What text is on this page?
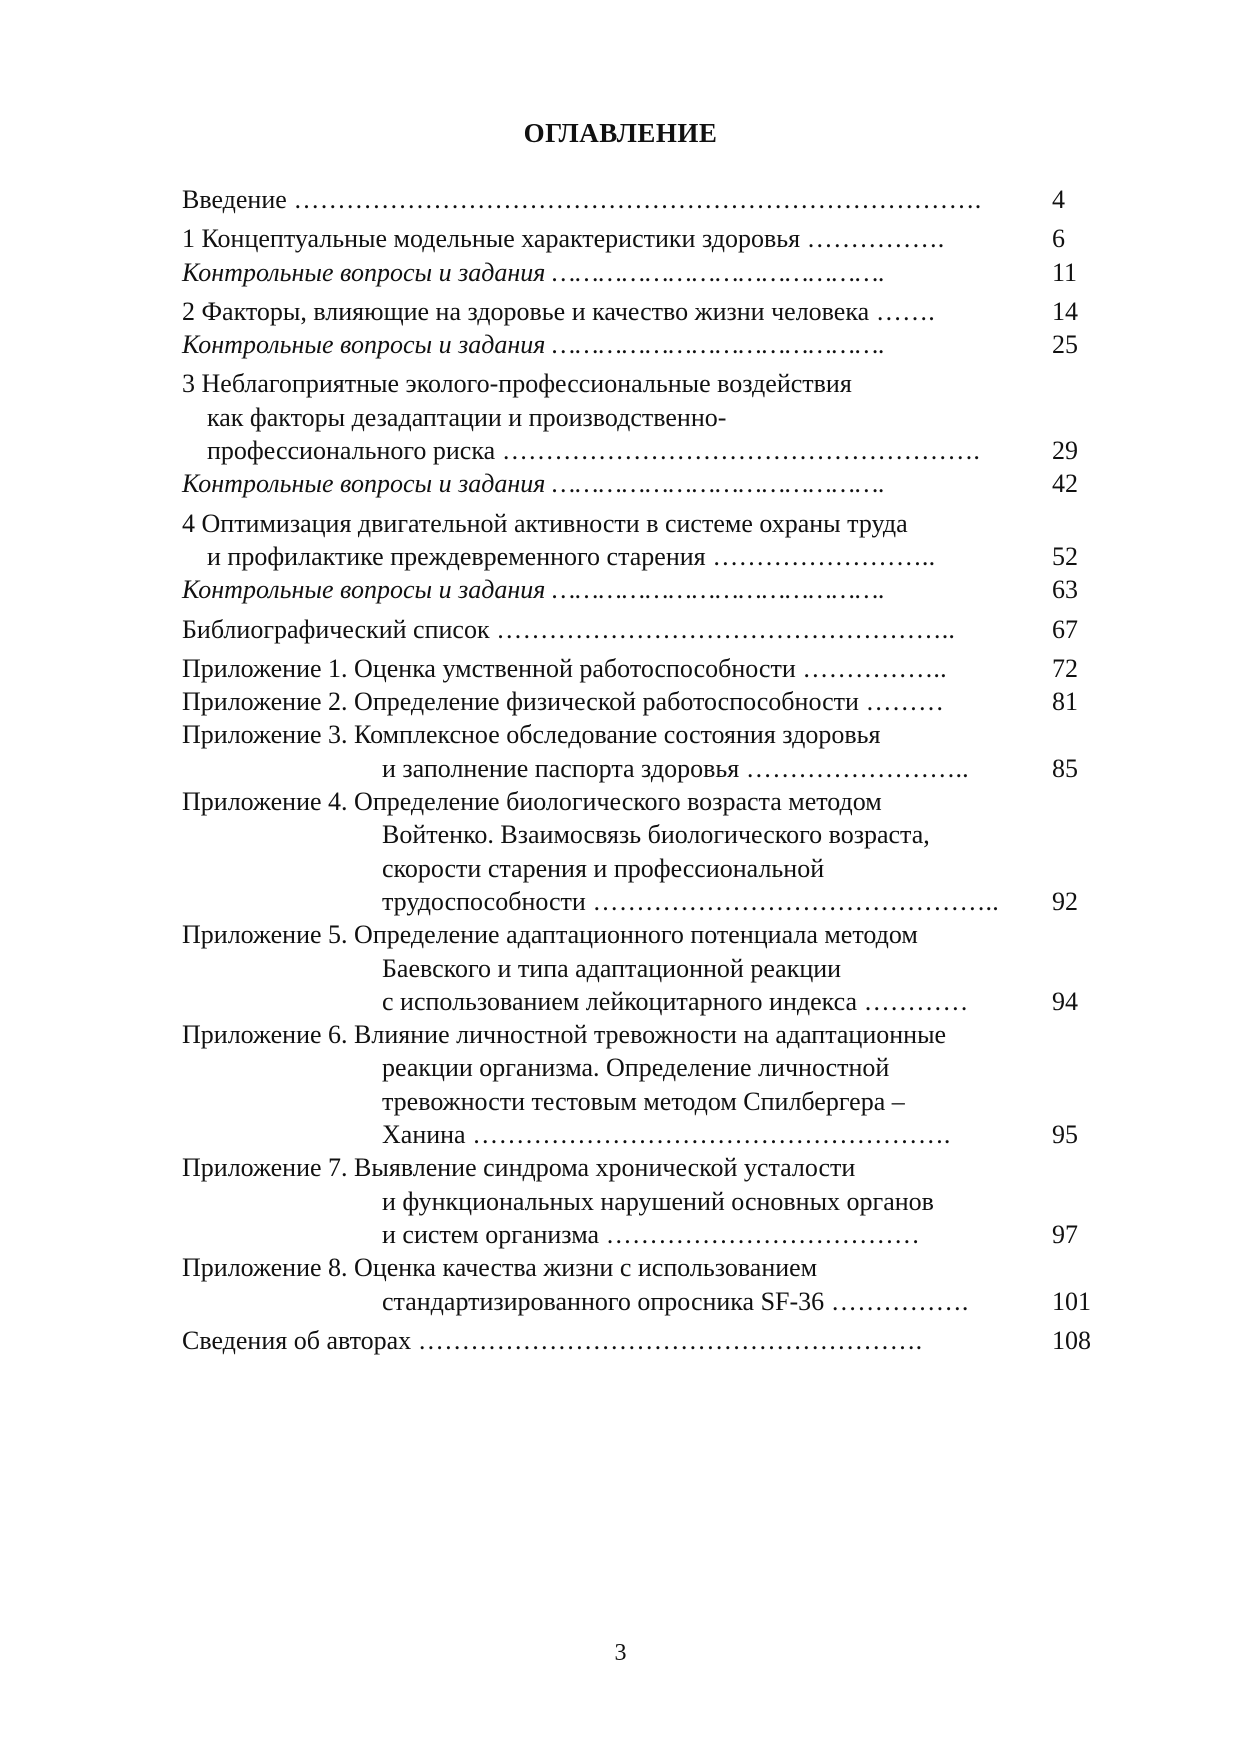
ОГЛАВЛЕНИЕ
Введение …………………………………………………………………….	4
1 Концептуальные модельные характеристики здоровья …………….	6
Контрольные вопросы и задания …………………………………….	11
2 Факторы, влияющие на здоровье и качество жизни человека …….	14
Контрольные вопросы и задания …………………………………….	25
3 Неблагоприятные эколого-профессиональные воздействия
как факторы дезадаптации и производственно-
профессионального риска ……………………………………………….	29
Контрольные вопросы и задания …………………………………….	42
4 Оптимизация двигательной активности в системе охраны труда
и профилактике преждевременного старения ……………………..	52
Контрольные вопросы и задания …………………………………….	63
Библиографический список ……………………………………………..	67
Приложение 1. Оценка умственной работоспособности ……………..	72
Приложение 2. Определение физической работоспособности ………	81
Приложение 3. Комплексное обследование состояния здоровья
и заполнение паспорта здоровья ……………………..	85
Приложение 4. Определение биологического возраста методом
Войтенко. Взаимосвязь биологического возраста,
скорости старения и профессиональной
трудоспособности ………………………………………..	92
Приложение 5. Определение адаптационного потенциала методом
Баевского и типа адаптационной реакции
с использованием лейкоцитарного индекса …………	94
Приложение 6. Влияние личностной тревожности на адаптационные
реакции организма. Определение личностной
тревожности тестовым методом Спилбергера –
Ханина ……………………………………………….	95
Приложение 7. Выявление синдрома хронической усталости
и функциональных нарушений основных органов
и систем организма ………………………………	97
Приложение 8. Оценка качества жизни с использованием
стандартизированного опросника SF-36 …………….	101
Сведения об авторах ………………………………………………….	108
3
